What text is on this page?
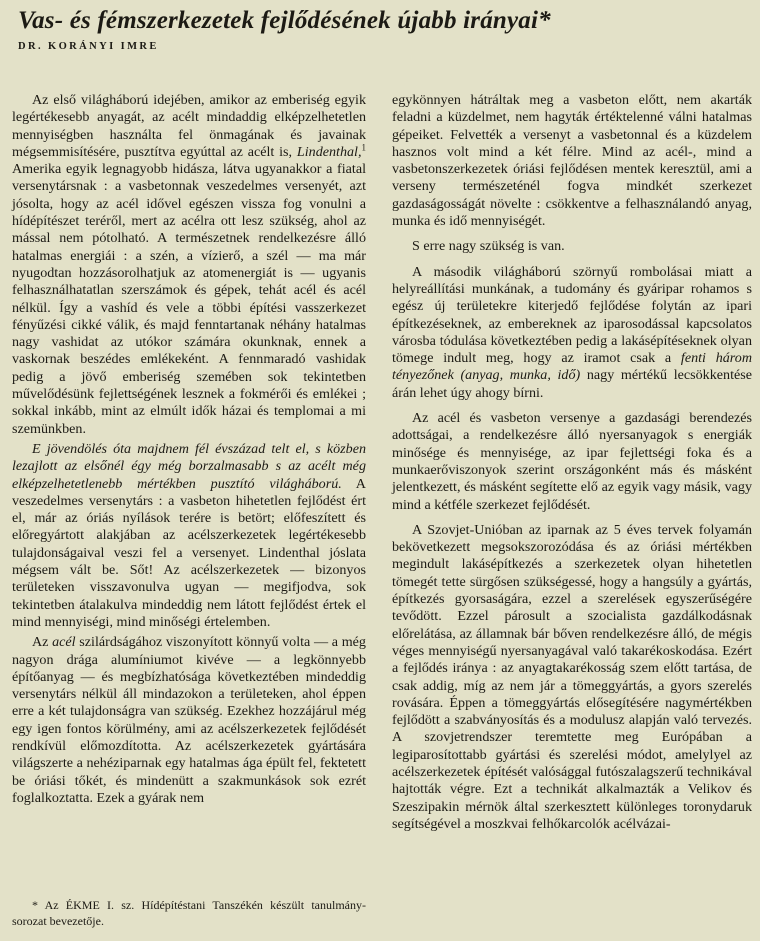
Vas- és fémszerkezetek fejlődésének újabb irányai*
DR. KORÁNYI IMRE

Az első világháború idejében, amikor az emberiség egyik legértékesebb anyagát, az acélt mindaddig elképzelhetetlen mennyiségben használta fel önmagának és javainak mégsemmisítésére, pusztítva egyúttal az acélt is, Lindenthal,$^1$ Amerika egyik legnagyobb hidásza, látva ugyanakkor a fiatal versenytársnak : a vasbetonnak veszedelmes versenyét, azt jósolta, hogy az acél idővel egészen vissza fog vonulni a hídépítészet teréről, mert az acélra ott lesz szükség, ahol az mással nem pótolható. A természetnek rendelkezésre álló hatalmas energiái : a szén, a vízierő, a szél — ma már nyugodtan hozzásorolhatjuk az atomenergiát is — ugyanis felhasználhatatlan szerszámok és gépek, tehát acél és acél nélkül. Így a vashíd és vele a többi építési vasszerkezet fényűzési cikké válik, és majd fenntartanak néhány hatalmas nagy vashidat az utókor számára okunknak, ennek a vaskornak beszédes emlékeként. A fennmaradó vashidak pedig a jövő emberiség szemében sok tekintetben művelődésünk fejlettségének lesznek a fokmérői és emlékei ; sokkal inkább, mint az elmúlt idők házai és templomai a mi szemünkben.

E jövendölés óta majdnem fél évszázad telt el, s közben lezajlott az elsőnél égy még borzalmasabb s az acélt még elképzelhetetlenebb mértékben pusztító világháború. A veszedelmes versenytárs : a vasbeton hihetetlen fejlődést ért el, már az óriás nyílások terére is betört; előfeszített és előregyártott alakjában az acélszerkezetek legértékesebb tulajdonságaival veszi fel a versenyet. Lindenthal jóslata mégsem vált be. Sőt! Az acélszerkezetek — bizonyos területeken visszavonulva ugyan — megifjodva, sok tekintetben átalakulva mindeddig nem látott fejlődést értek el mind mennyiségi, mind minőségi értelemben.

Az acél szilárdságához viszonyított könnyű volta — a még nagyon drága alumíniumot kivéve — a legkönnyebb építőanyag — és megbízhatósága következtében mindeddig versenytárs nélkül áll mindazokon a területeken, ahol éppen erre a két tulajdonságra van szükség. Ezekhez hozzájárul még egy igen fontos körülmény, ami az acélszerkezetek fejlődését rendkívül előmozdította. Az acélszerkezetek gyártására világszerte a nehéziparnak egy hatalmas ága épült fel, fektetett be óriási tőkét, és mindenütt a szakmunkások sok ezrét foglalkoztatta. Ezek a gyárak nem

egykönnyen hátráltak meg a vasbeton előtt, nem akarták feladni a küzdelmet, nem hagyták értéktelenné válni hatalmas gépeiket. Felvették a versenyt a vasbetonnal és a küzdelem hasznos volt mind a két félre. Mind az acél-, mind a vasbetonszerkezetek óriási fejlődésen mentek keresztül, ami a verseny természeténél fogva mindkét szerkezet gazdaságosságát növelte : csökkentve a felhasználandó anyag, munka és idő mennyiségét.

S erre nagy szükség is van.

A második világháború szörnyű rombolásai miatt a helyreállítási munkának, a tudomány és gyáripar rohamos s egész új területekre kiterjedő fejlődése folytán az ipari építkezéseknek, az embereknek az iparosodással kapcsolatos városba tódulása következtében pedig a lakásépítéseknek olyan tömege indult meg, hogy az iramot csak a fenti három tényezőnek (anyag, munka, idő) nagy mértékű lecsökkentése árán lehet úgy ahogy bírni.

Az acél és vasbeton versenye a gazdasági berendezés adottságai, a rendelkezésre álló nyersanyagok s energiák minősége és mennyisége, az ipar fejlettségi foka és a munkaerőviszonyok szerint országonként más és másként jelentkezett, és másként segítette elő az egyik vagy másik, vagy mind a kétféle szerkezet fejlődését.

A Szovjet-Unióban az iparnak az 5 éves tervek folyamán bekövetkezett megsokszorozódása és az óriási mértékben megindult lakásépítkezés a szerkezetek olyan hihetetlen tömegét tette sürgősen szükségessé, hogy a hangsúly a gyártás, építkezés gyorsaságára, ezzel a szerelések egyszerűségére tevődött. Ezzel párosult a szocialista gazdálkodásnak előrelátása, az államnak bár bőven rendelkezésre álló, de mégis véges mennyiségű nyersanyagával való takarékoskodása. Ezért a fejlődés iránya : az anyagtakarékosság szem előtt tartása, de csak addig, míg az nem jár a tömeggyártás, a gyors szerelés rovására. Éppen a tömeggyártás elősegítésére nagymértékben fejlődött a szabványosítás és a modulusz alapján való tervezés. A szovjetrendszer teremtette meg Európában a legiparosítottabb gyártási és szerelési módot, amelylyel az acélszerkezetek építését valósággal futószalagszerű technikával hajtották végre. Ezt a technikát alkalmazták a Velikov és Szeszipakin mérnök által szerkesztett különleges toronydaruk segítségével a moszkvai felhőkarcolók acélvázai-

* Az ÉKME I. sz. Hídépítéstani Tanszékén készült tanulmány-sorozat bevezetője.
